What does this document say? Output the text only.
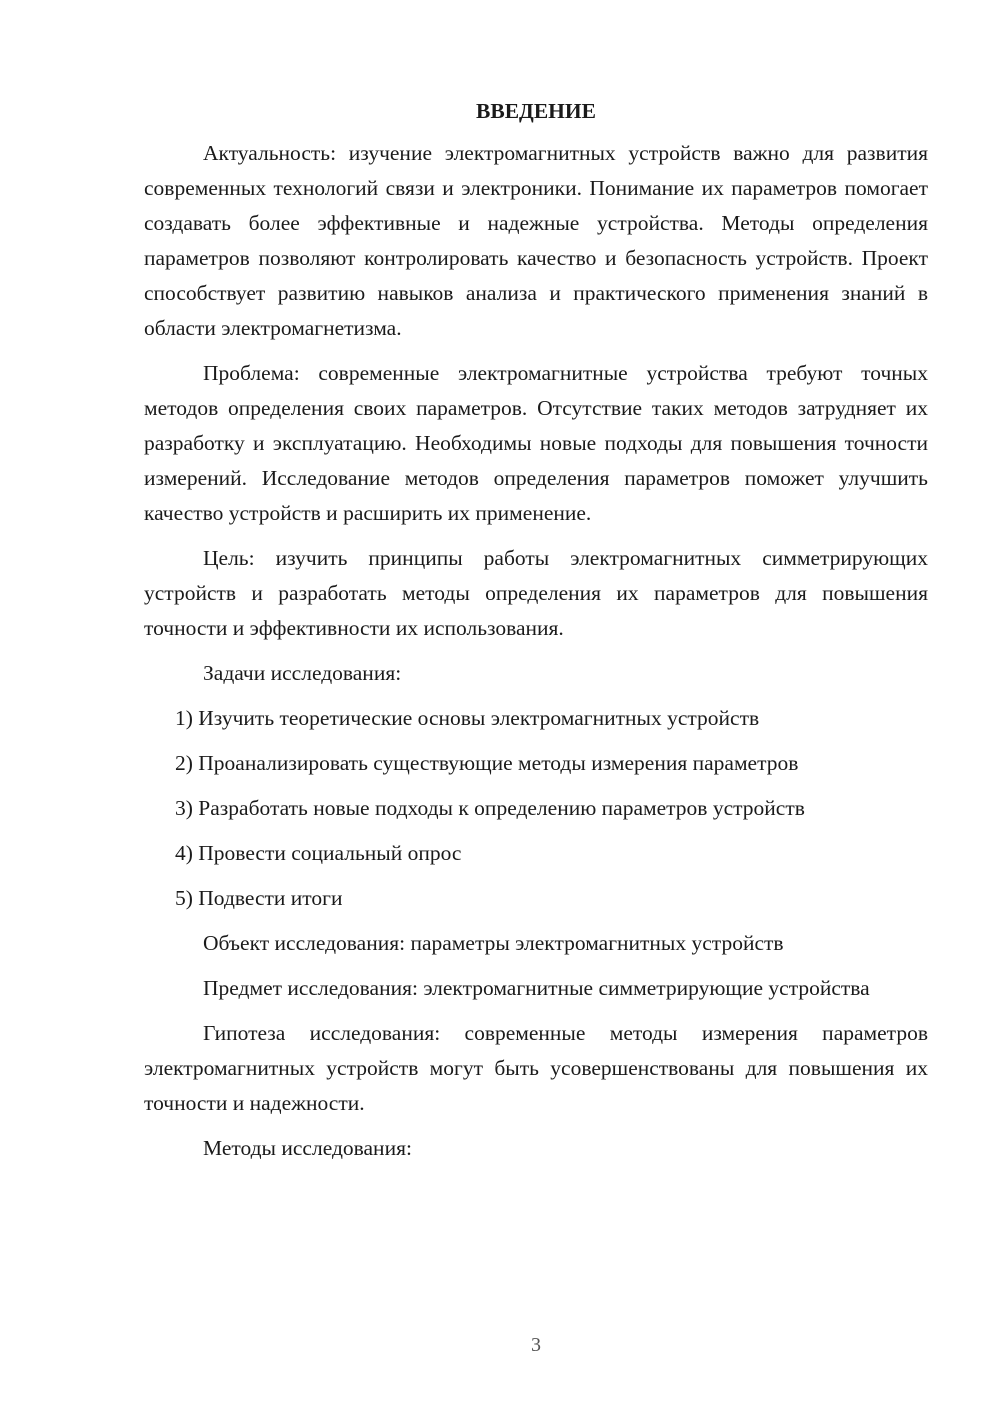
ВВЕДЕНИЕ

Актуальность: изучение электромагнитных устройств важно для развития современных технологий связи и электроники. Понимание их параметров помогает создавать более эффективные и надежные устройства. Методы определения параметров позволяют контролировать качество и безопасность устройств. Проект способствует развитию навыков анализа и практического применения знаний в области электромагнетизма.

Проблема: современные электромагнитные устройства требуют точных методов определения своих параметров. Отсутствие таких методов затрудняет их разработку и эксплуатацию. Необходимы новые подходы для повышения точности измерений. Исследование методов определения параметров поможет улучшить качество устройств и расширить их применение.

Цель: изучить принципы работы электромагнитных симметрирующих устройств и разработать методы определения их параметров для повышения точности и эффективности их использования.

Задачи исследования:

1) Изучить теоретические основы электромагнитных устройств

2) Проанализировать существующие методы измерения параметров

3) Разработать новые подходы к определению параметров устройств

4) Провести социальный опрос

5) Подвести итоги

Объект исследования: параметры электромагнитных устройств

Предмет исследования: электромагнитные симметрирующие устройства

Гипотеза исследования: современные методы измерения параметров электромагнитных устройств могут быть усовершенствованы для повышения их точности и надежности.

Методы исследования:

3
